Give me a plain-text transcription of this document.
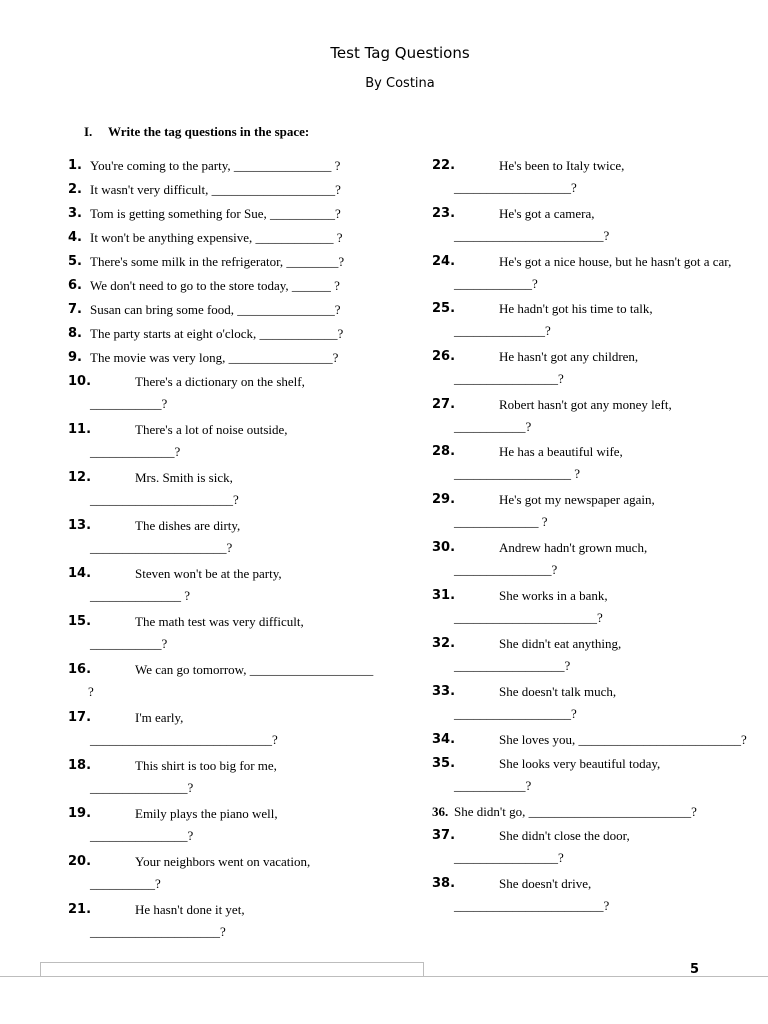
Test Tag Questions
By Costina
I. Write the tag questions in the space:
1. You're coming to the party, _______________ ?
2. It wasn't very difficult, ___________________?
3. Tom is getting something for Sue, __________?
4. It won't be anything expensive, ____________ ?
5. There's some milk in the refrigerator, ________?
6. We don't need to go to the store today, ______ ?
7. Susan can bring some food, _______________?
8. The party starts at eight o'clock, ____________?
9. The movie was very long, ________________?
10.	There's a dictionary on the shelf,
___________?
11.	There's a lot of noise outside,
_____________?
12.	Mrs. Smith is sick,
______________________?
13.	The dishes are dirty,
_____________________?
14.	Steven won't be at the party,
______________ ?
15.	The math test was very difficult,
___________?
16.	We can go tomorrow, ___________________
?
17.	I'm early,
____________________________?
18.	This shirt is too big for me,
_______________?
19.	Emily plays the piano well,
_______________?
20.	Your neighbors went on vacation,
__________?
21.	He hasn't done it yet,
____________________?
22.	He's been to Italy twice,
__________________?
23.	He's got a camera,
_______________________?
24.	He's got a nice house, but he hasn't got a car,
____________?
25.	He hadn't got his time to talk,
______________?
26.	He hasn't got any children,
________________?
27.	Robert hasn't got any money left,
___________?
28.	He has a beautiful wife,
__________________ ?
29.	He's got my newspaper again,
_____________ ?
30.	Andrew hadn't grown much,
_______________?
31.	She works in a bank,
______________________?
32.	She didn't eat anything,
_________________?
33.	She doesn't talk much,
__________________?
34.	She loves you, _________________________?
35.	She looks very beautiful today,
___________?
36. She didn't go, _________________________?
37.	She didn't close the door,
________________?
38.	She doesn't drive,
_______________________?
5
